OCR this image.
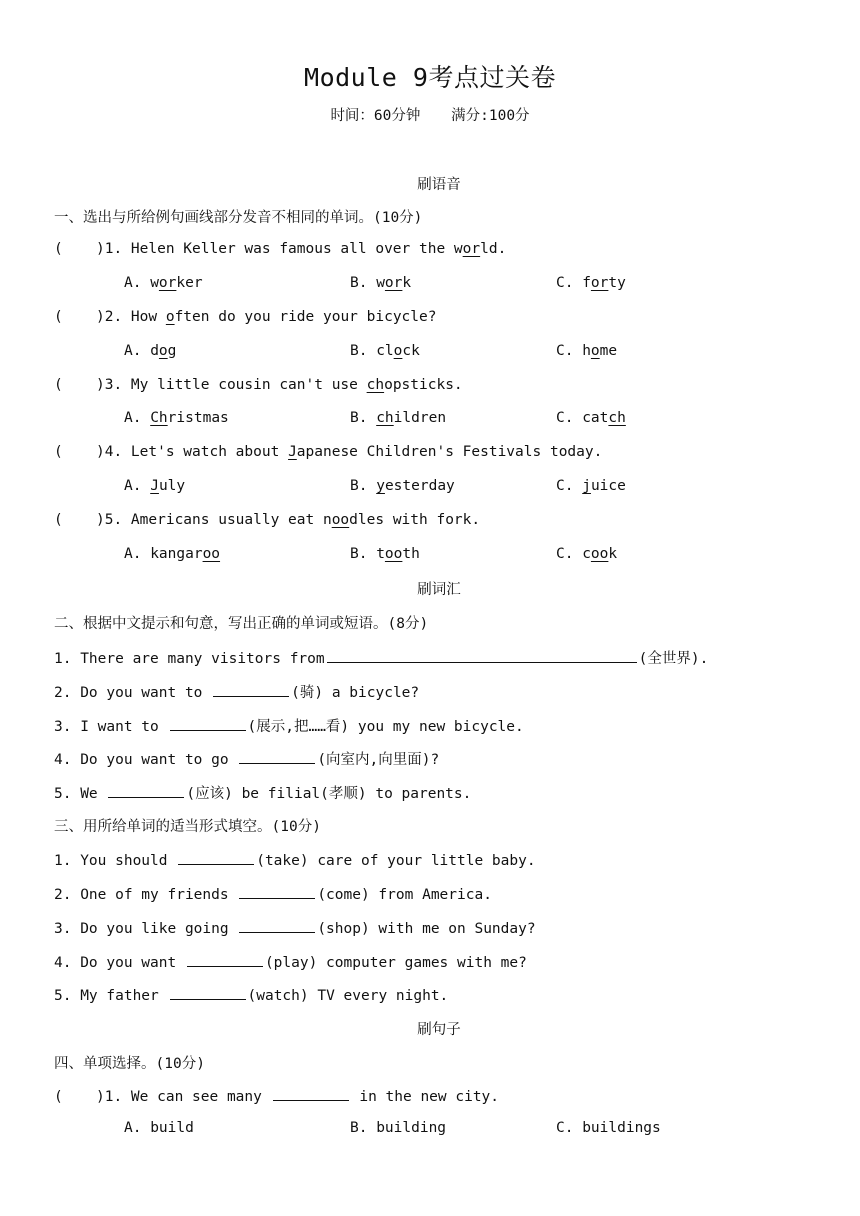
Module 9考点过关卷
时间：60分钟 满分:100分
刷语音
一、选出与所给例句画线部分发音不相同的单词。(10分)
( )1. Helen Keller was famous all over the world.
A. worker	B. work	C. forty
( )2. How often do you ride your bicycle?
A. dog	B. clock	C. home
( )3. My little cousin can't use chopsticks.
A. Christmas	B. children	C. catch
( )4. Let's watch about Japanese Children's Festivals today.
A. July	B. yesterday	C. juice
( )5. Americans usually eat noodles with fork.
A. kangaroo	B. tooth	C. cook
刷词汇
二、根据中文提示和句意，写出正确的单词或短语。(8分)
1. There are many visitors from	(全世界).
2. Do you want to	(骑) a bicycle?
3. I want to	(展示,把……看) you my new bicycle.
4. Do you want to go	(向室内,向里面)?
5. We	(应该) be filial(孝顺) to parents.
三、用所给单词的适当形式填空。(10分)
1. You should	(take) care of your little baby.
2. One of my friends	(come) from America.
3. Do you like going	(shop) with me on Sunday?
4. Do you want	(play) computer games with me?
5. My father	(watch) TV every night.
刷句子
四、单项选择。(10分)
( )1. We can see many	in the new city.
A. build	B. building	C. buildings
